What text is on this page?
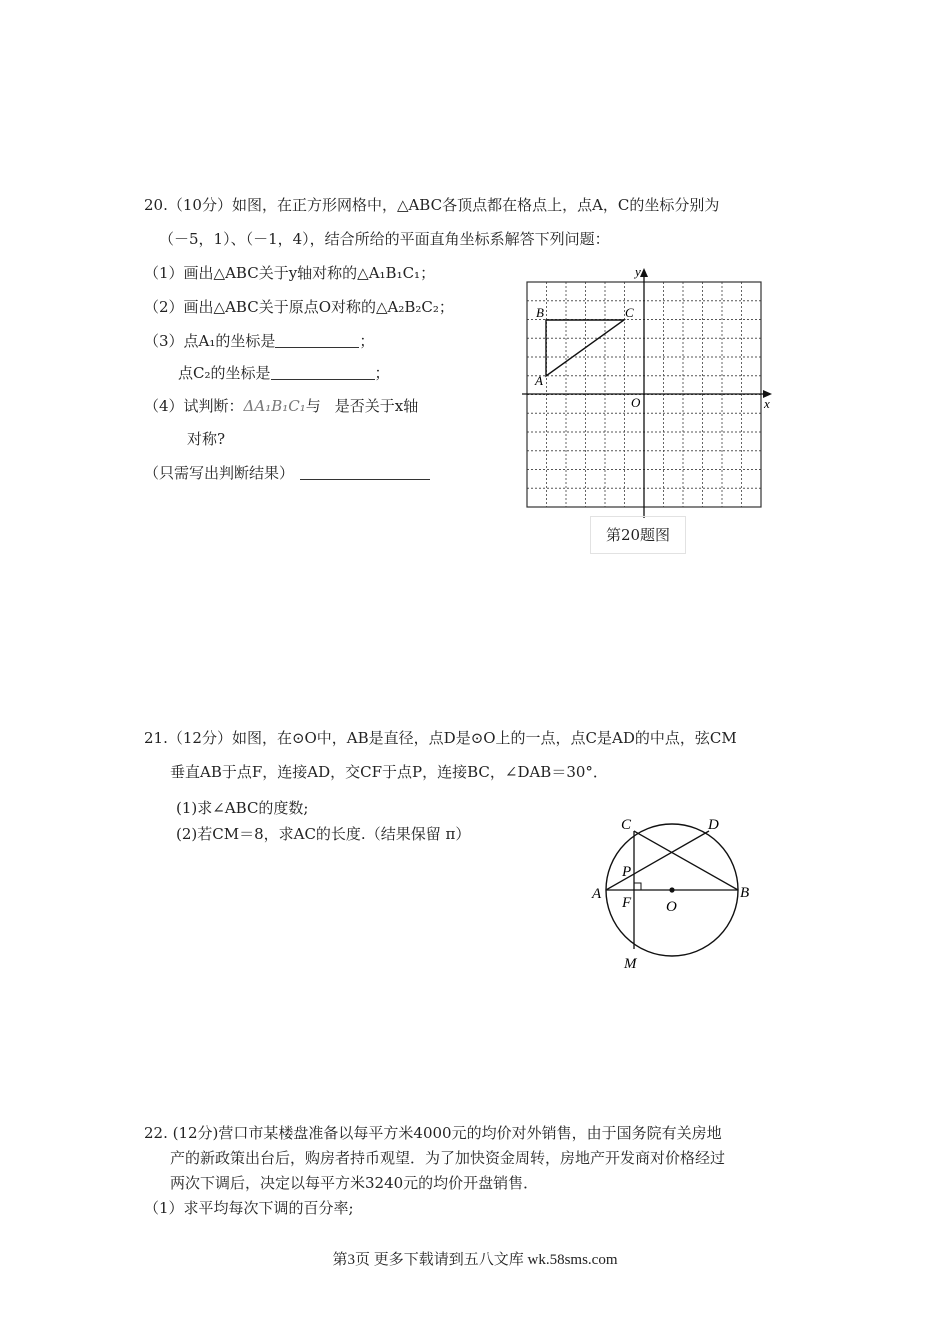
20.（10分）如图，在正方形网格中，△ABC各顶点都在格点上，点A，C的坐标分别为
（－5，1）、（－1，4），结合所给的平面直角坐标系解答下列问题：
（1）画出△ABC关于y轴对称的△A₁B₁C₁；
（2）画出△ABC关于原点O对称的△A₂B₂C₂；
（3）点A₁的坐标是	；
点C₂的坐标是	；
（4）试判断：ΔA₁B₁C₁与 是否关于x轴
对称?
（只需写出判断结果）
y
x
O
A
B	C
第20题图
21.（12分）如图，在⊙O中，AB是直径，点D是⊙O上的一点，点C是AD的中点，弦CM
垂直AB于点F，连接AD，交CF于点P，连接BC，∠DAB＝30°．
(1)求∠ABC的度数;
(2)若CM＝8，求AC的长度.（结果保留 π）	C	D
P
A
F O
B
M
22. (12分)营口市某楼盘准备以每平方米4000元的均价对外销售，由于国务院有关房地
产的新政策出台后，购房者持币观望．为了加快资金周转，房地产开发商对价格经过
两次下调后，决定以每平方米3240元的均价开盘销售．
（1）求平均每次下调的百分率;
第3页 更多下载请到五八文库 wk.58sms.com
